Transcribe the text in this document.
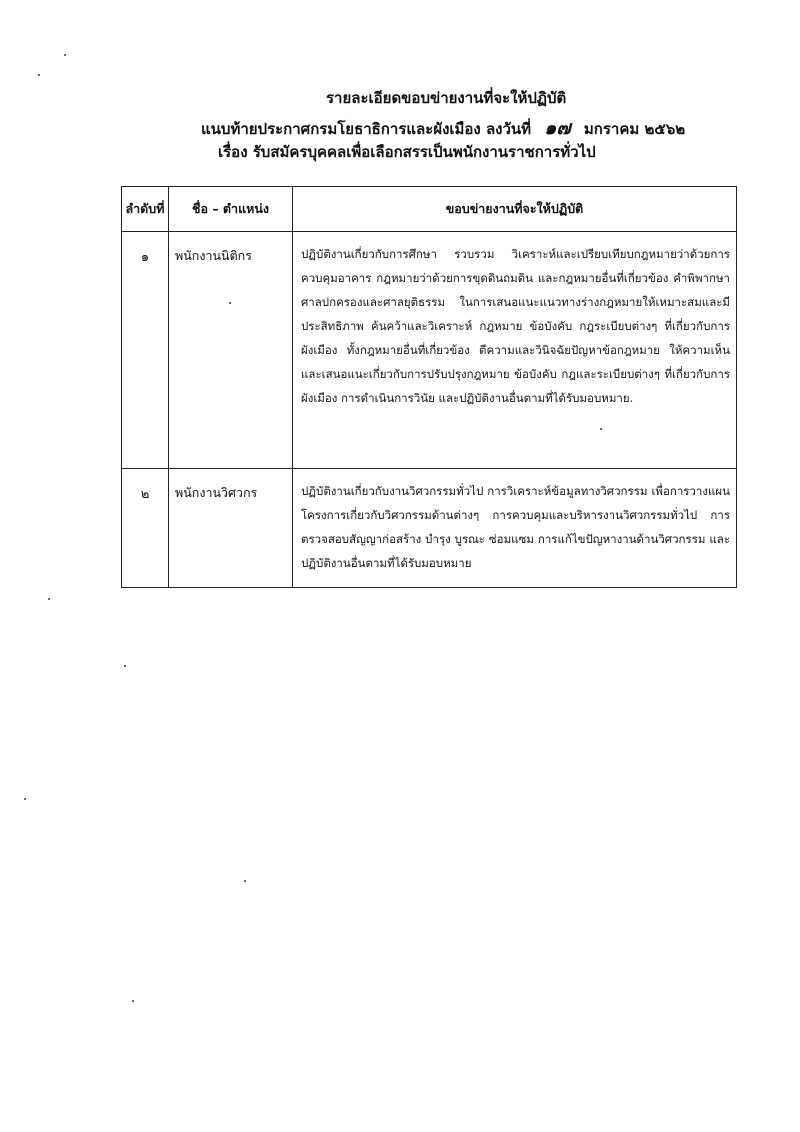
รายละเอียดขอบข่ายงานที่จะให้ปฏิบัติ
แนบท้ายประกาศกรมโยธาธิการและผังเมือง ลงวันที่ ๑๗ มกราคม ๒๕๖๒
เรื่อง รับสมัครบุคคลเพื่อเลือกสรรเป็นพนักงานราชการทั่วไป
ลำดับที่	ชื่อ – ตำแหน่ง	ขอบข่ายงานที่จะให้ปฏิบัติ
๑	พนักงานนิติกร	ปฏิบัติงานเกี่ยวกับการศึกษา รวบรวม วิเคราะห์และเปรียบเทียบกฎหมายว่าด้วยการควบคุมอาคาร กฎหมายว่าด้วยการขุดดินถมดิน และกฎหมายอื่นที่เกี่ยวข้อง คำพิพากษาศาลปกครองและศาลยุติธรรม ในการเสนอแนะแนวทางร่างกฎหมายให้เหมาะสมและมีประสิทธิภาพ ค้นคว้าและวิเคราะห์ กฎหมาย ข้อบังคับ กฎระเบียบต่างๆ ที่เกี่ยวกับการผังเมือง ทั้งกฎหมายอื่นที่เกี่ยวข้อง ตีความและวินิจฉัยปัญหาข้อกฎหมาย ให้ความเห็นและเสนอแนะเกี่ยวกับการปรับปรุงกฎหมาย ข้อบังคับ กฎและระเบียบต่างๆ ที่เกี่ยวกับการผังเมือง การดำเนินการวินัย และปฏิบัติงานอื่นตามที่ได้รับมอบหมาย.
๒	พนักงานวิศวกร	ปฏิบัติงานเกี่ยวกับงานวิศวกรรมทั่วไป การวิเคราะห์ข้อมูลทางวิศวกรรม เพื่อการวางแผนโครงการเกี่ยวกับวิศวกรรมด้านต่างๆ การควบคุมและบริหารงานวิศวกรรมทั่วไป การตรวจสอบสัญญาก่อสร้าง บำรุง บูรณะ ซ่อมแซม การแก้ไขปัญหางานด้านวิศวกรรม และปฏิบัติงานอื่นตามที่ได้รับมอบหมาย
